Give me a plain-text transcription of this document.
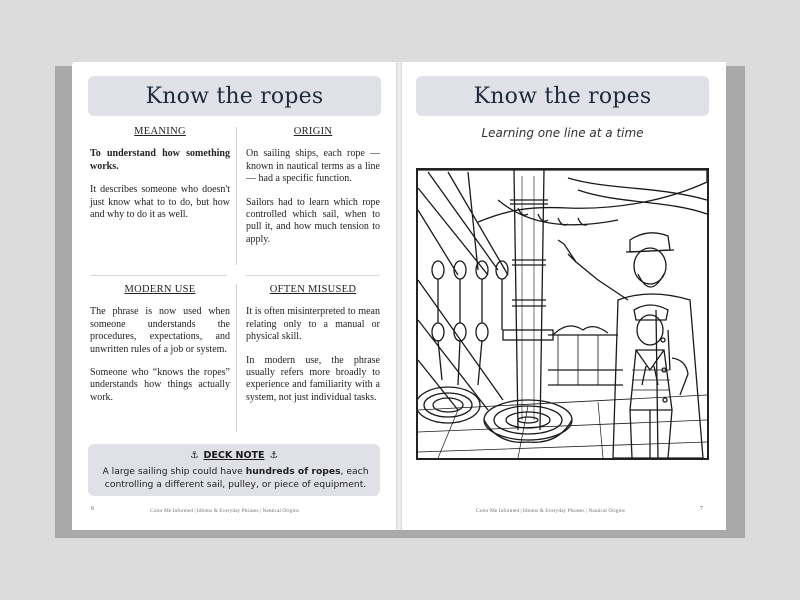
Know the ropes
MEANING

To understand how something works.

It describes someone who doesn't just know what to to do, but how and why to do it as well.

ORIGIN

On sailing ships, each rope — known in nautical terms as a line — had a specific function.

Sailors had to learn which rope controlled which sail, when to pull it, and how much tension to apply.

MODERN USE

The phrase is now used when someone understands the procedures, expectations, and unwritten rules of a job or system.

Someone who “knows the ropes” understands how things actually work.

OFTEN MISUSED

It is often misinterpreted to mean relating only to a manual or physical skill.

In modern use, the phrase usually refers more broadly to experience and familiarity with a system, not just individual tasks.

⚓ DECK NOTE ⚓
A large sailing ship could have hundreds of ropes, each controlling a different sail, pulley, or piece of equipment.
6	Color Me Informed | Idioms & Everyday Phrases | Nautical Origins
Know the ropes
Learning one line at a time
Color Me Informed | Idioms & Everyday Phrases | Nautical Origins	7
